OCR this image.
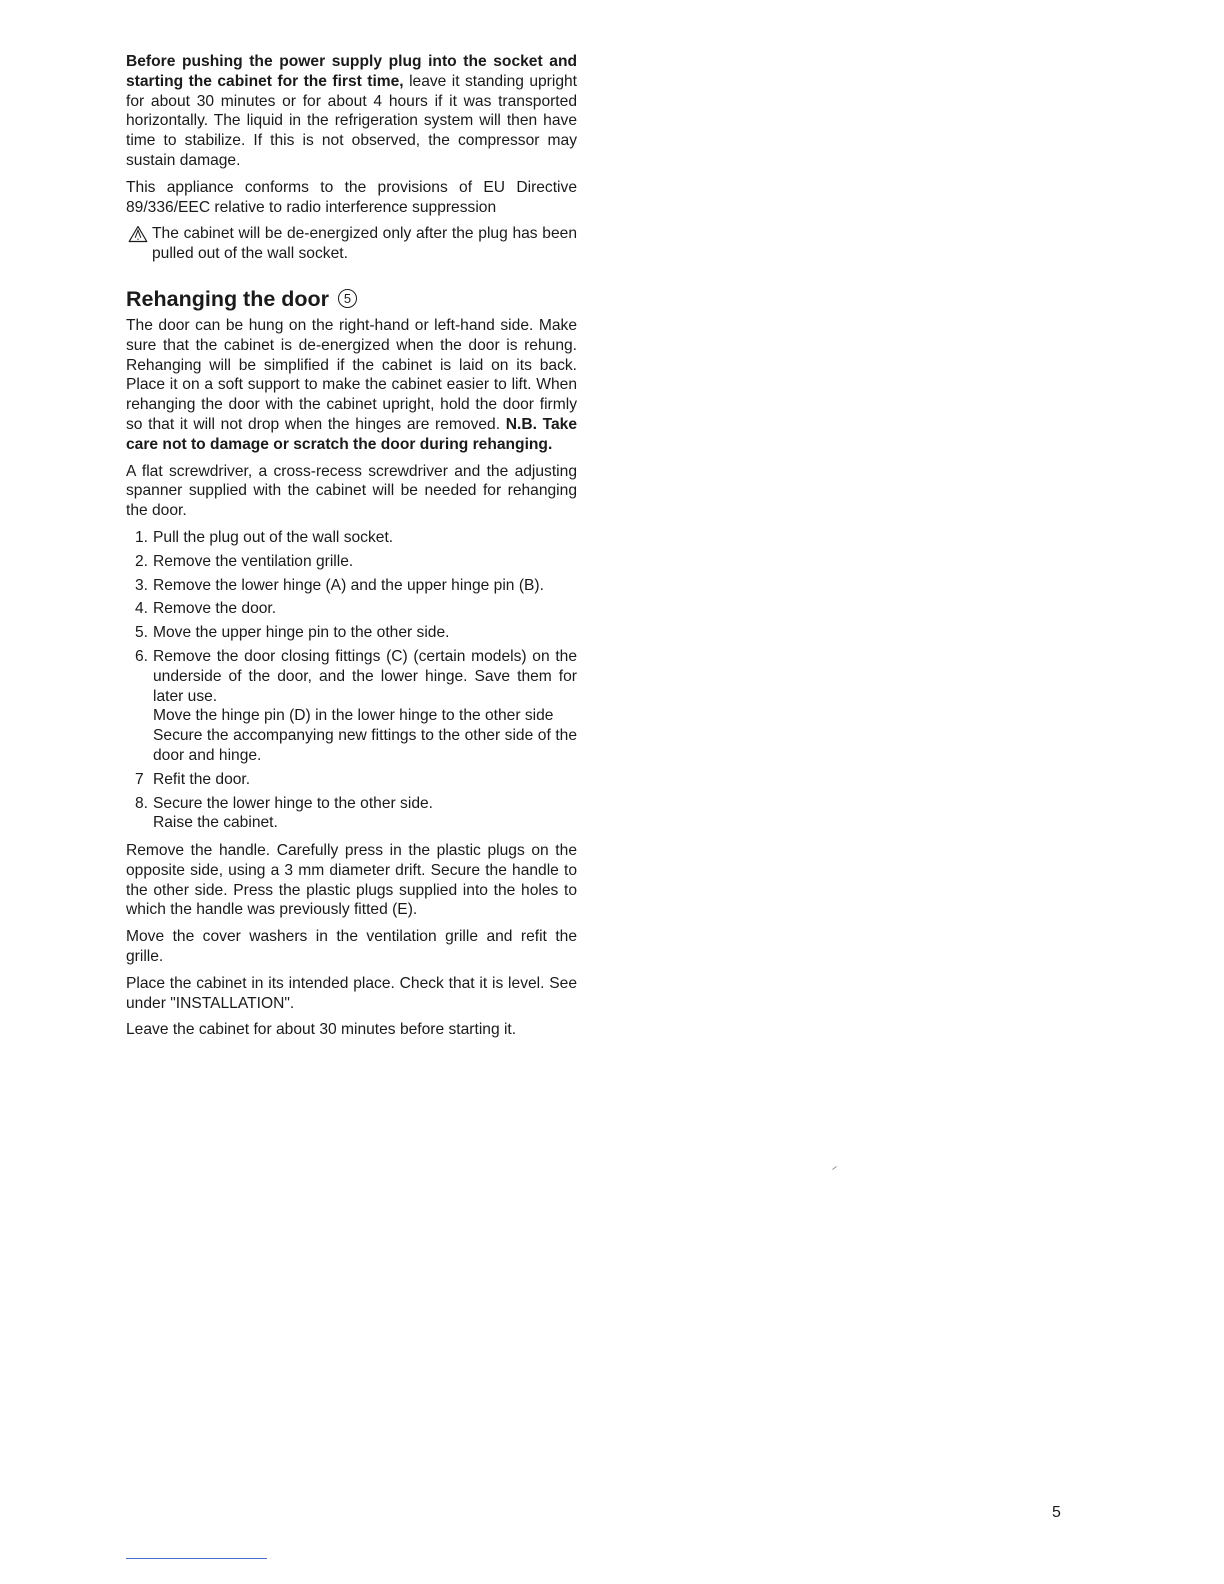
Before pushing the power supply plug into the socket and starting the cabinet for the first time, leave it standing upright for about 30 minutes or for about 4 hours if it was transported horizontally. The liquid in the refrigeration system will then have time to stabilize. If this is not observed, the compressor may sustain damage.

This appliance conforms to the provisions of EU Directive 89/336/EEC relative to radio interference suppression

The cabinet will be de-energized only after the plug has been pulled out of the wall socket.
Rehanging the door	5

The door can be hung on the right-hand or left-hand side. Make sure that the cabinet is de-energized when the door is rehung. Rehanging will be simplified if the cabinet is laid on its back. Place it on a soft support to make the cabinet easier to lift. When rehanging the door with the cabinet upright, hold the door firmly so that it will not drop when the hinges are removed. N.B. Take care not to damage or scratch the door during rehanging.

A flat screwdriver, a cross-recess screwdriver and the adjusting spanner supplied with the cabinet will be needed for rehanging the door.

1. Pull the plug out of the wall socket.
2. Remove the ventilation grille.
3. Remove the lower hinge (A) and the upper hinge pin (B).
4. Remove the door.
5. Move the upper hinge pin to the other side.
6. Remove the door closing fittings (C) (certain models) on the underside of the door, and the lower hinge. Save them for later use.
Move the hinge pin (D) in the lower hinge to the other side
Secure the accompanying new fittings to the other side of the door and hinge.
7 Refit the door.
8. Secure the lower hinge to the other side.
Raise the cabinet.

Remove the handle. Carefully press in the plastic plugs on the opposite side, using a 3 mm diameter drift. Secure the handle to the other side. Press the plastic plugs supplied into the holes to which the handle was previously fitted (E).

Move the cover washers in the ventilation grille and refit the grille.

Place the cabinet in its intended place. Check that it is level. See under "INSTALLATION".

Leave the cabinet for about 30 minutes before starting it.

5
